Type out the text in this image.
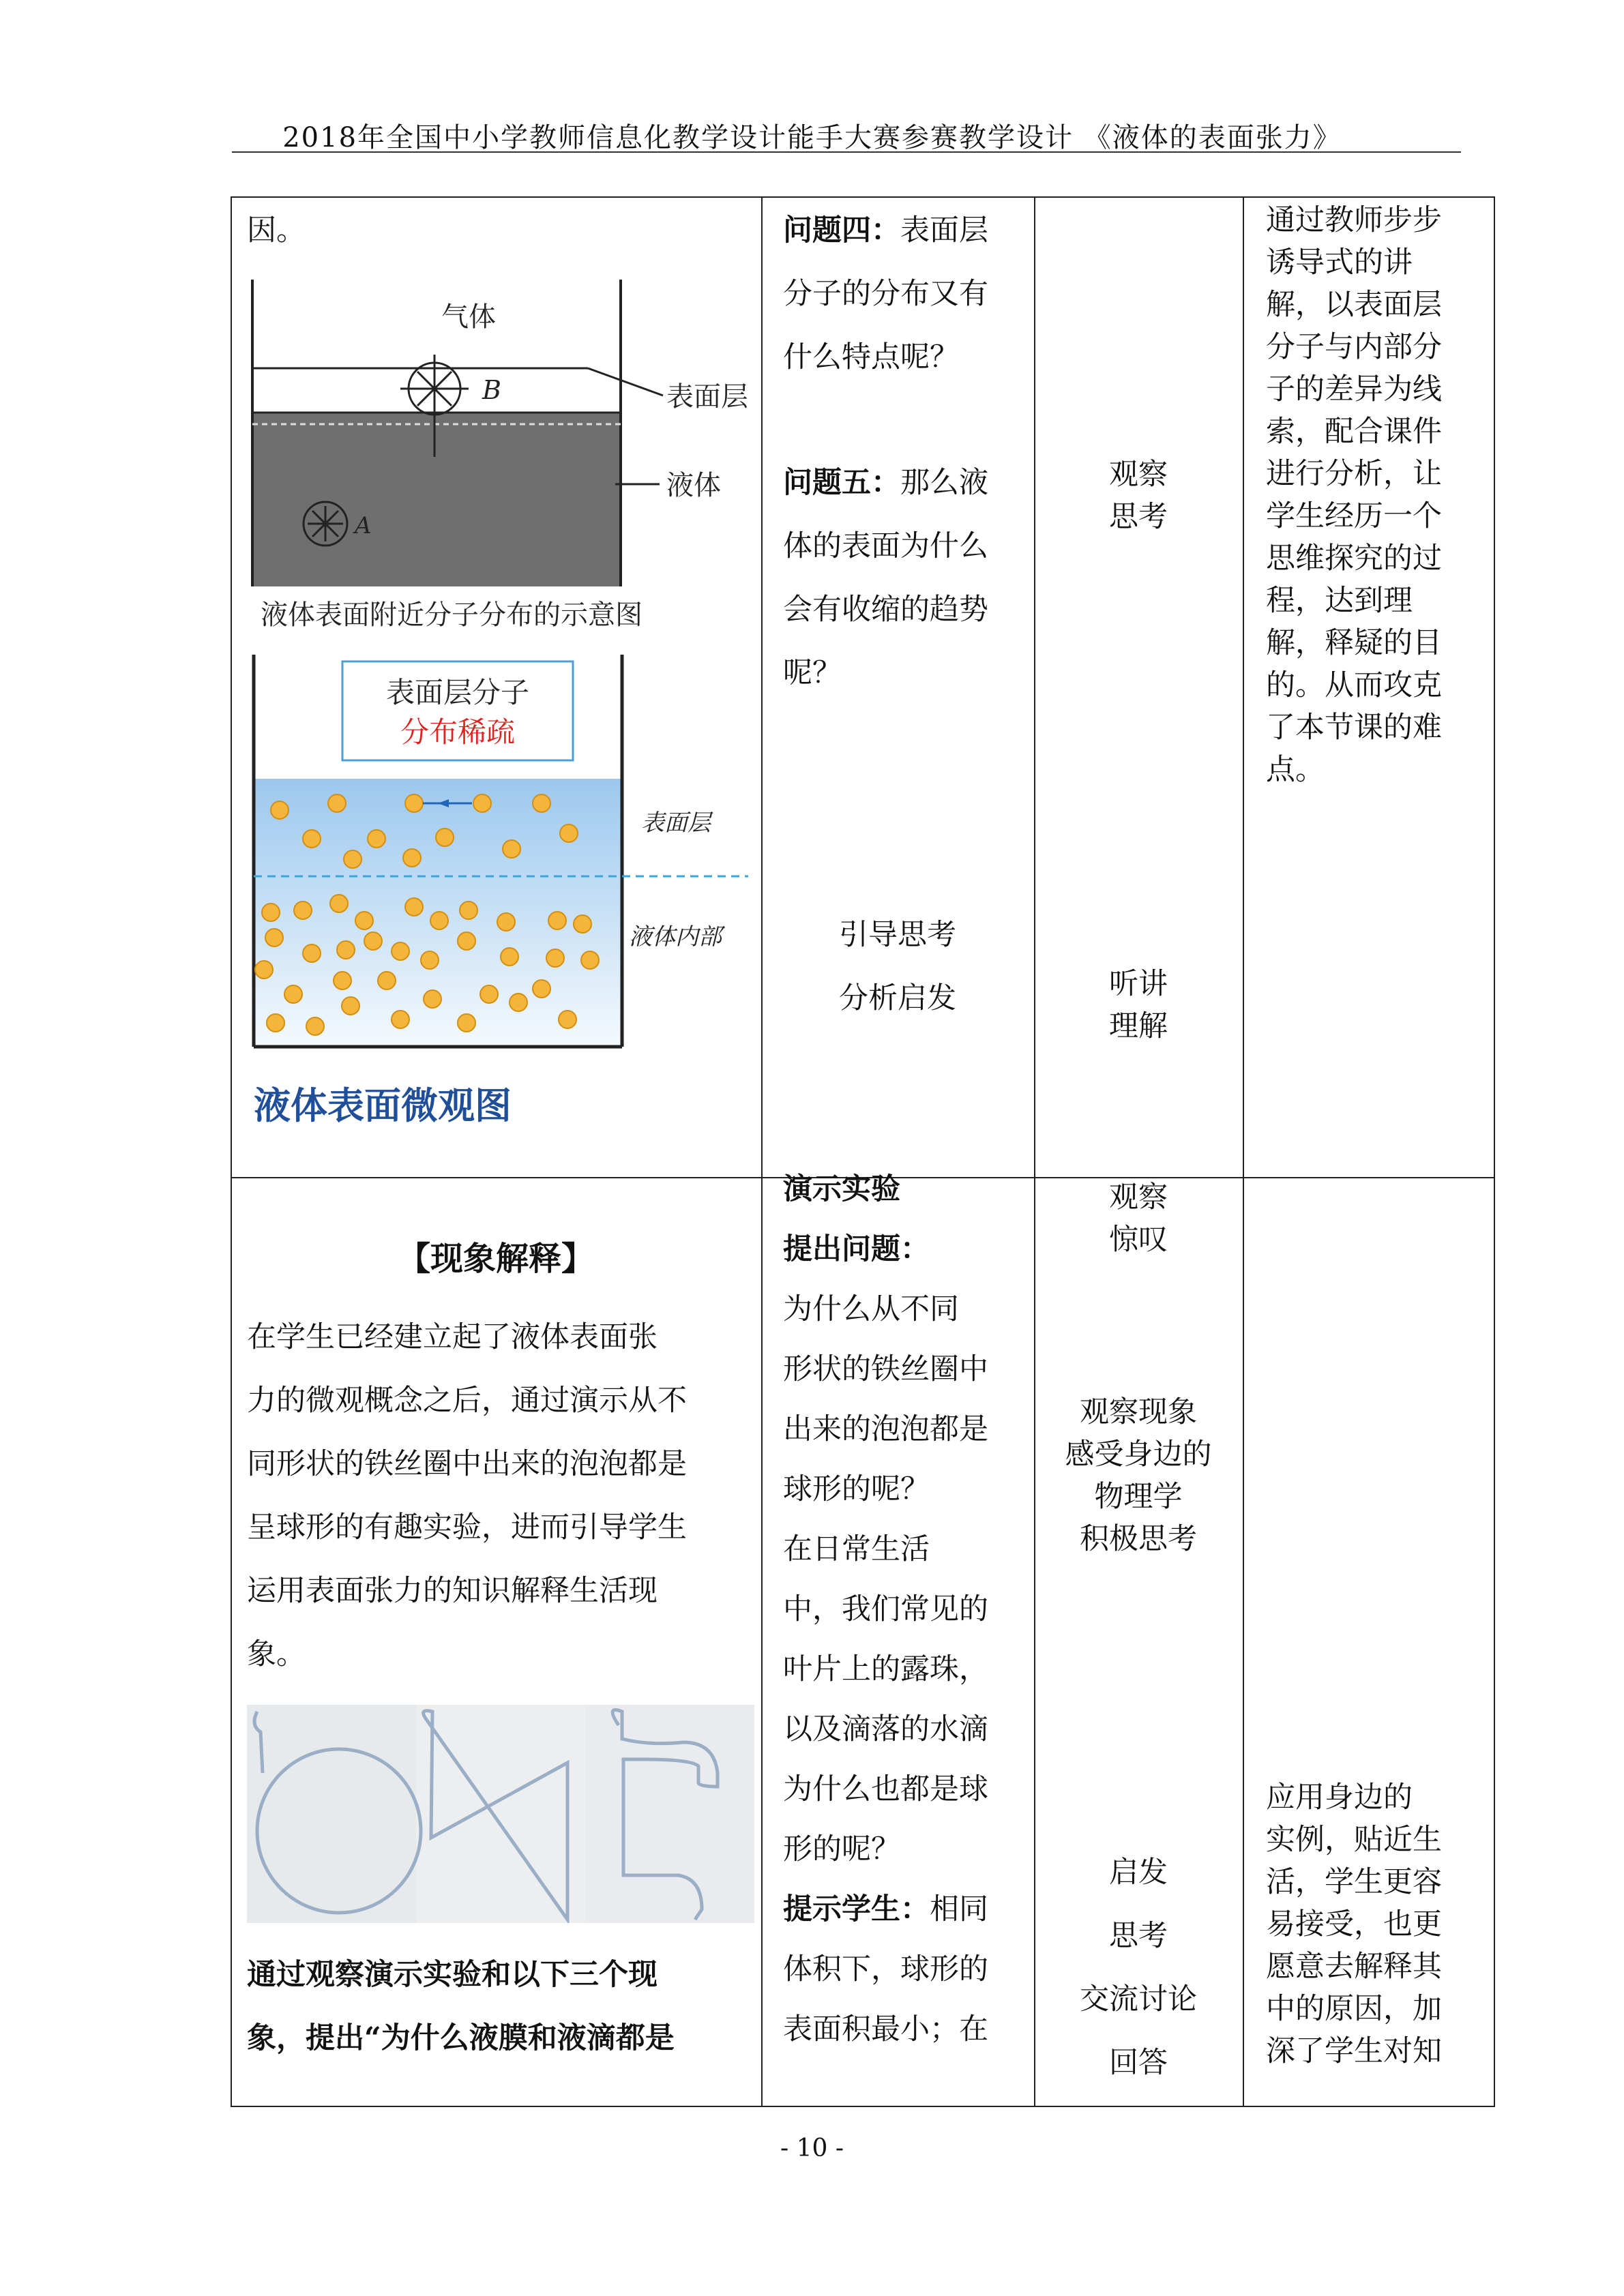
2018年全国中小学教师信息化教学设计能手大赛参赛教学设计 《液体的表面张力》
因。
气体
表面层
液体
B
A
液体表面附近分子分布的示意图
表面层分子
分布稀疏
表面层
液体内部
液体表面微观图
问题四：表面层
分子的分布又有
什么特点呢？
问题五：那么液
体的表面为什么
会有收缩的趋势
呢？
引导思考
分析启发
观察
思考
听讲
理解
通过教师步步
诱导式的讲
解，以表面层
分子与内部分
子的差异为线
索，配合课件
进行分析，让
学生经历一个
思维探究的过
程，达到理
解，释疑的目
的。从而攻克
了本节课的难
点。
【现象解释】
在学生已经建立起了液体表面张
力的微观概念之后，通过演示从不
同形状的铁丝圈中出来的泡泡都是
呈球形的有趣实验，进而引导学生
运用表面张力的知识解释生活现
象。
通过观察演示实验和以下三个现
象，提出“为什么液膜和液滴都是
演示实验
提出问题：
为什么从不同
形状的铁丝圈中
出来的泡泡都是
球形的呢？
在日常生活
中，我们常见的
叶片上的露珠，
以及滴落的水滴
为什么也都是球
形的呢？
提示学生：相同
体积下，球形的
表面积最小；在
观察
惊叹
观察现象
感受身边的
物理学
积极思考
启发
思考
交流讨论
回答
应用身边的
实例，贴近生
活，学生更容
易接受，也更
愿意去解释其
中的原因，加
深了学生对知
- 10 -
